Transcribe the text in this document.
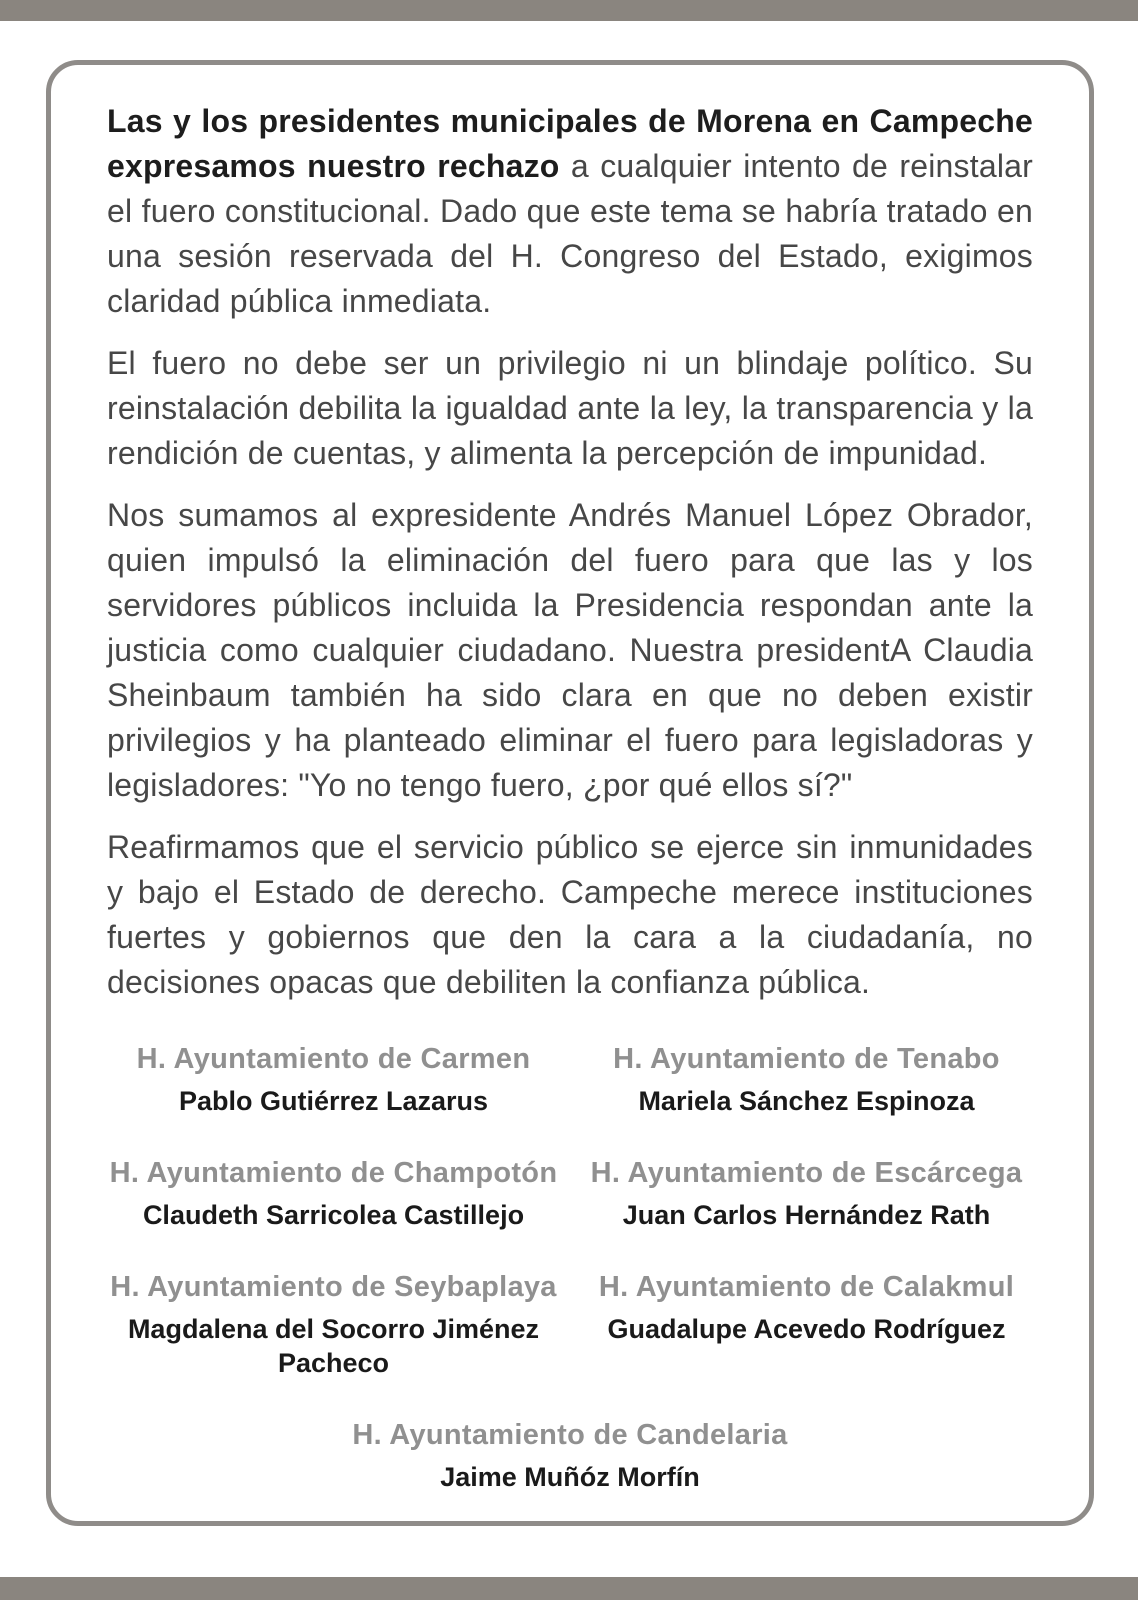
Las y los presidentes municipales de Morena en Campeche expresamos nuestro rechazo a cualquier intento de reinstalar el fuero constitucional. Dado que este tema se habría tratado en una sesión reservada del H. Congreso del Estado, exigimos claridad pública inmediata.

El fuero no debe ser un privilegio ni un blindaje político. Su reinstalación debilita la igualdad ante la ley, la transparencia y la rendición de cuentas, y alimenta la percepción de impunidad.

Nos sumamos al expresidente Andrés Manuel López Obrador, quien impulsó la eliminación del fuero para que las y los servidores públicos incluida la Presidencia respondan ante la justicia como cualquier ciudadano. Nuestra presidentA Claudia Sheinbaum también ha sido clara en que no deben existir privilegios y ha planteado eliminar el fuero para legisladoras y legisladores: "Yo no tengo fuero, ¿por qué ellos sí?"

Reafirmamos que el servicio público se ejerce sin inmunidades y bajo el Estado de derecho. Campeche merece instituciones fuertes y gobiernos que den la cara a la ciudadanía, no decisiones opacas que debiliten la confianza pública.

H. Ayuntamiento de Carmen
Pablo Gutiérrez Lazarus
H. Ayuntamiento de Tenabo
Mariela Sánchez Espinoza
H. Ayuntamiento de Champotón
Claudeth Sarricolea Castillejo
H. Ayuntamiento de Escárcega
Juan Carlos Hernández Rath
H. Ayuntamiento de Seybaplaya
Magdalena del Socorro Jiménez Pacheco
H. Ayuntamiento de Calakmul
Guadalupe Acevedo Rodríguez
H. Ayuntamiento de Candelaria
Jaime Muñóz Morfín
